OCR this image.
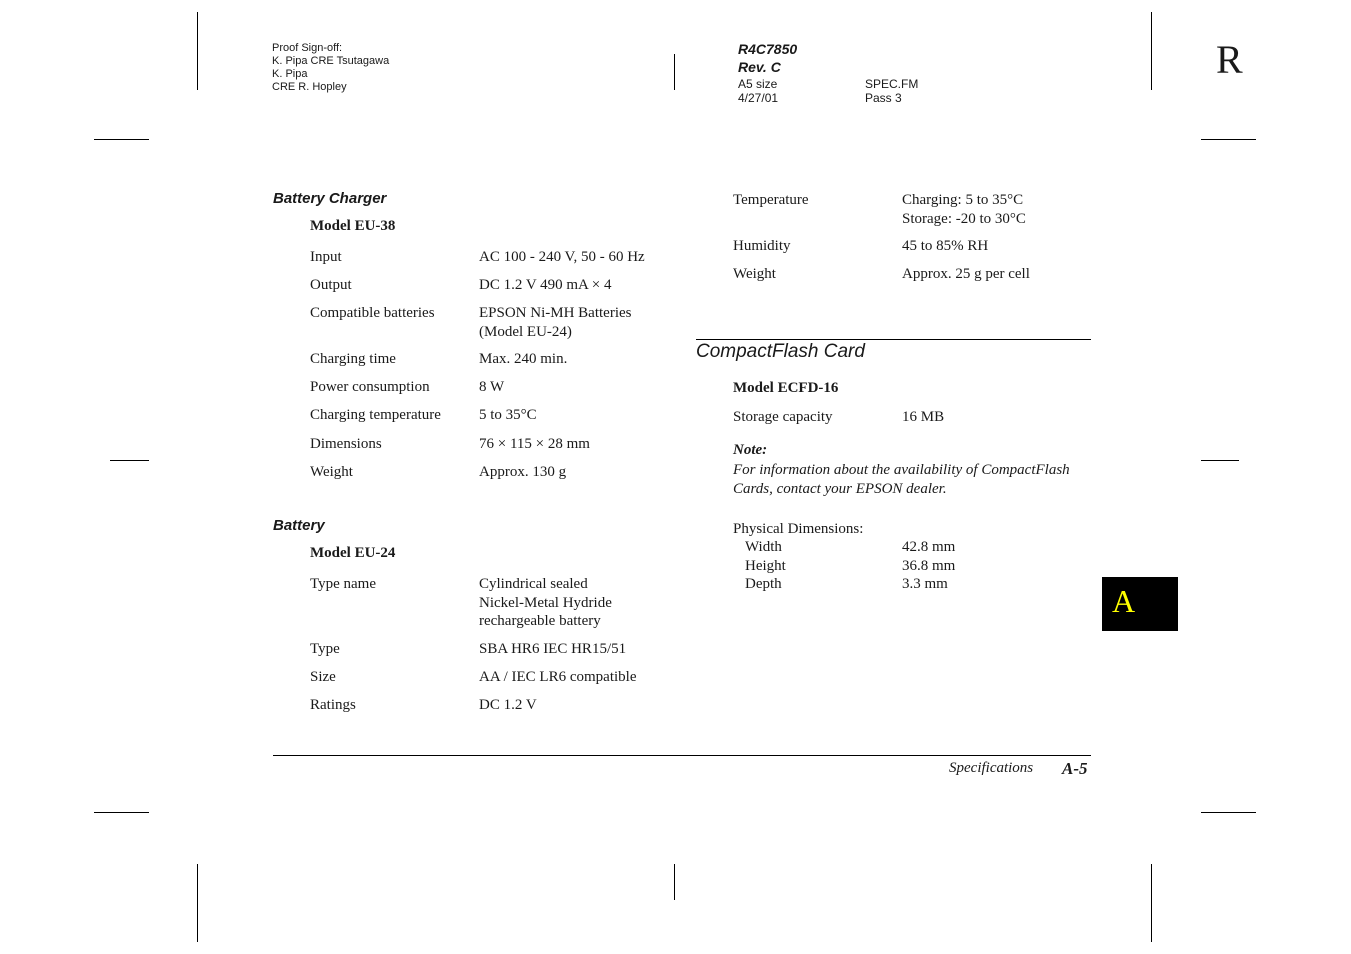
Proof Sign-off:
K. Pipa CRE Tsutagawa
K. Pipa
CRE R. Hopley
R4C7850
Rev. C
A5 size
4/27/01
SPEC.FM
Pass 3
R
Battery Charger
Model EU-38
Input	AC 100 - 240 V, 50 - 60 Hz
Output	DC 1.2 V 490 mA × 4
Compatible batteries	EPSON Ni-MH Batteries
(Model EU-24)
Charging time	Max. 240 min.
Power consumption	8 W
Charging temperature	5 to 35°C
Dimensions	76 × 115 × 28 mm
Weight	Approx. 130 g
Battery
Model EU-24
Type name	Cylindrical sealed
Nickel-Metal Hydride
rechargeable battery
Type	SBA HR6 IEC HR15/51
Size	AA / IEC LR6 compatible
Ratings	DC 1.2 V
Temperature	Charging: 5 to 35°C
Storage: -20 to 30°C
Humidity	45 to 85% RH
Weight	Approx. 25 g per cell
CompactFlash Card
Model ECFD-16
Storage capacity	16 MB
Note:
For information about the availability of CompactFlash
Cards, contact your EPSON dealer.
Physical Dimensions:
Width	42.8 mm
Height	36.8 mm
Depth	3.3 mm	A
Specifications A-5
